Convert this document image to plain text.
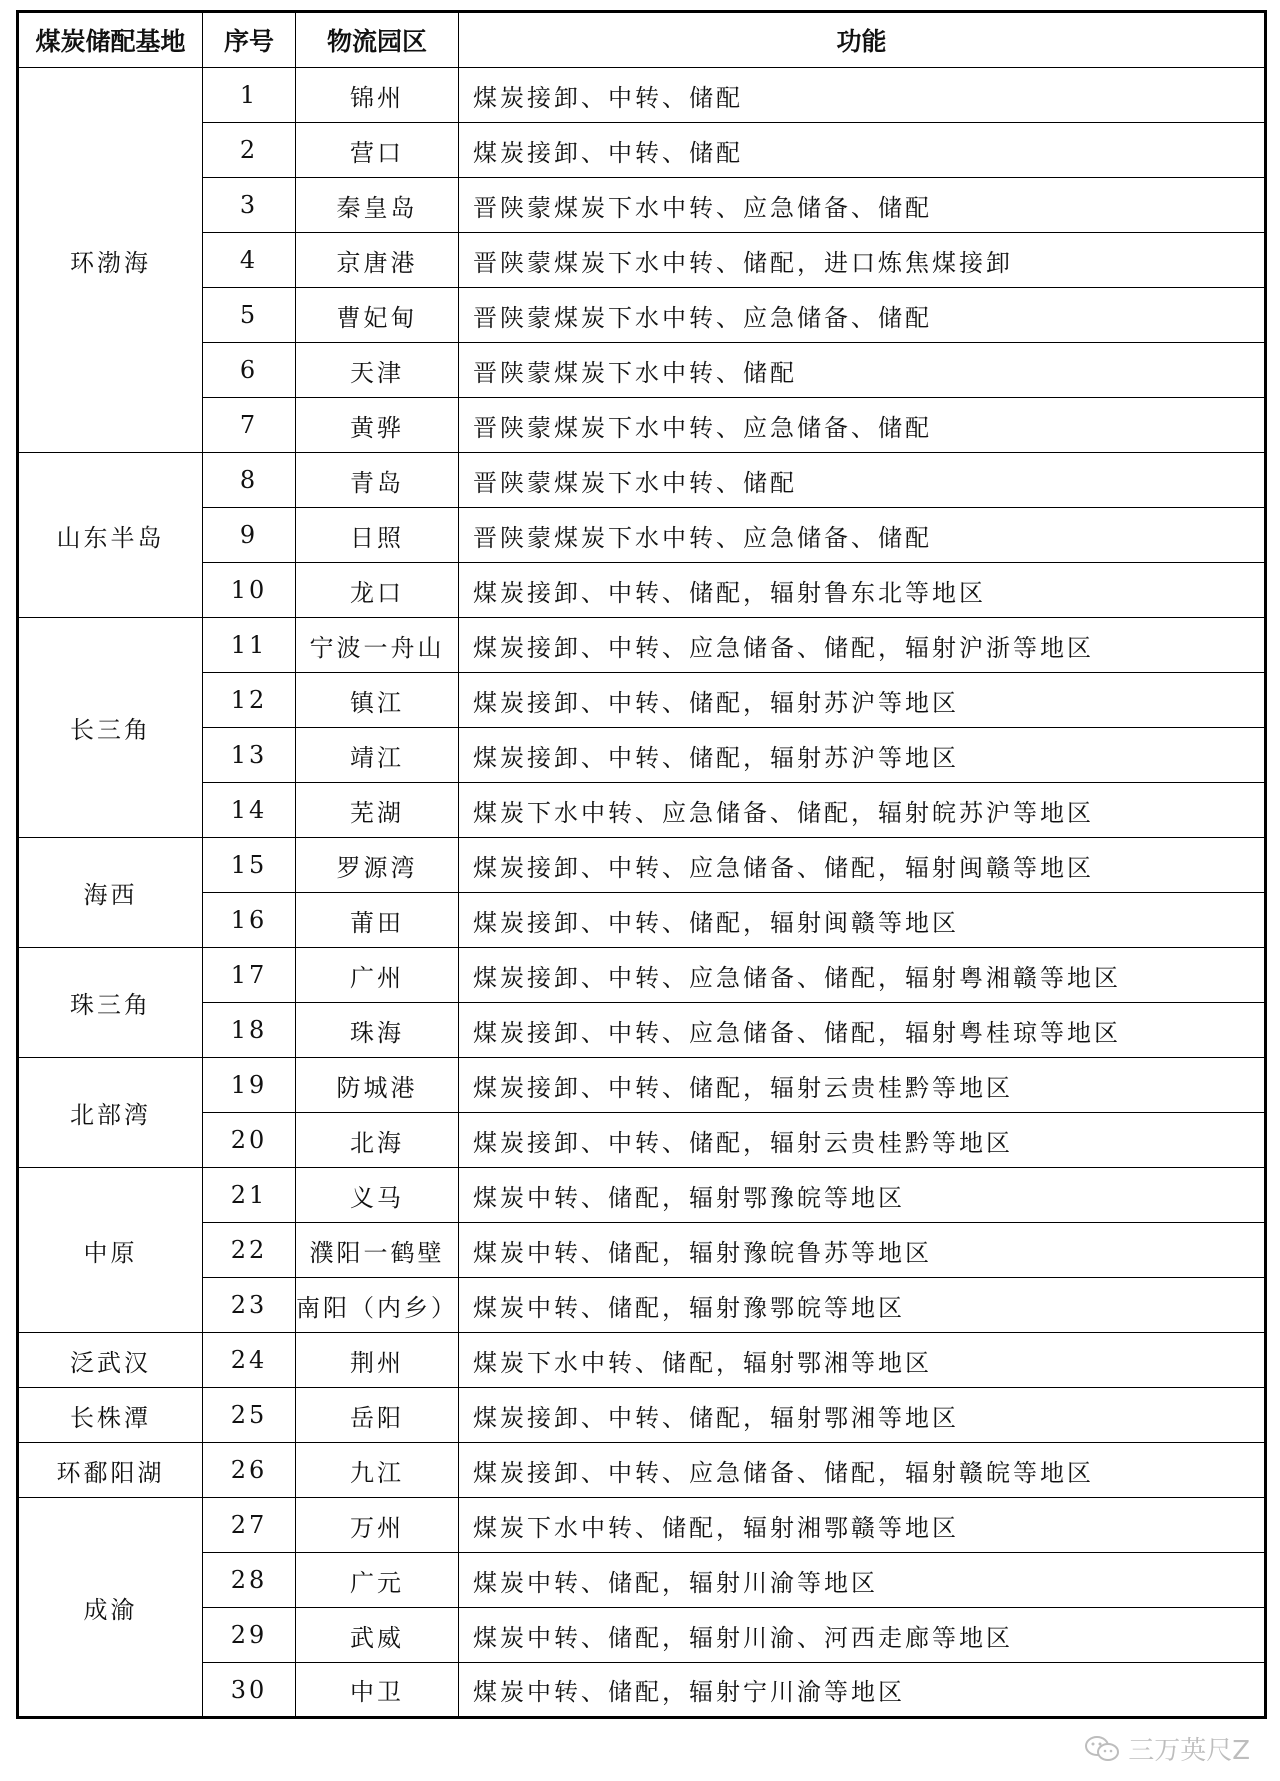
煤炭储配基地	序号	物流园区	功能
环渤海	1	锦州	煤炭接卸、中转、储配
	2	营口	煤炭接卸、中转、储配
	3	秦皇岛	晋陕蒙煤炭下水中转、应急储备、储配
	4	京唐港	晋陕蒙煤炭下水中转、储配，进口炼焦煤接卸
	5	曹妃甸	晋陕蒙煤炭下水中转、应急储备、储配
	6	天津	晋陕蒙煤炭下水中转、储配
	7	黄骅	晋陕蒙煤炭下水中转、应急储备、储配
山东半岛	8	青岛	晋陕蒙煤炭下水中转、储配
	9	日照	晋陕蒙煤炭下水中转、应急储备、储配
	10	龙口	煤炭接卸、中转、储配，辐射鲁东北等地区
长三角	11	宁波一舟山	煤炭接卸、中转、应急储备、储配，辐射沪浙等地区
	12	镇江	煤炭接卸、中转、储配，辐射苏沪等地区
	13	靖江	煤炭接卸、中转、储配，辐射苏沪等地区
	14	芜湖	煤炭下水中转、应急储备、储配，辐射皖苏沪等地区
海西	15	罗源湾	煤炭接卸、中转、应急储备、储配，辐射闽赣等地区
	16	莆田	煤炭接卸、中转、储配，辐射闽赣等地区
珠三角	17	广州	煤炭接卸、中转、应急储备、储配，辐射粤湘赣等地区
	18	珠海	煤炭接卸、中转、应急储备、储配，辐射粤桂琼等地区
北部湾	19	防城港	煤炭接卸、中转、储配，辐射云贵桂黔等地区
	20	北海	煤炭接卸、中转、储配，辐射云贵桂黔等地区
中原	21	义马	煤炭中转、储配，辐射鄂豫皖等地区
	22	濮阳一鹤壁	煤炭中转、储配，辐射豫皖鲁苏等地区
	23	南阳（内乡）	煤炭中转、储配，辐射豫鄂皖等地区
泛武汉	24	荆州	煤炭下水中转、储配，辐射鄂湘等地区
长株潭	25	岳阳	煤炭接卸、中转、储配，辐射鄂湘等地区
环鄱阳湖	26	九江	煤炭接卸、中转、应急储备、储配，辐射赣皖等地区
成渝	27	万州	煤炭下水中转、储配，辐射湘鄂赣等地区
	28	广元	煤炭中转、储配，辐射川渝等地区
	29	武威	煤炭中转、储配，辐射川渝、河西走廊等地区
	30	中卫	煤炭中转、储配，辐射宁川渝等地区
三万英尺Z
